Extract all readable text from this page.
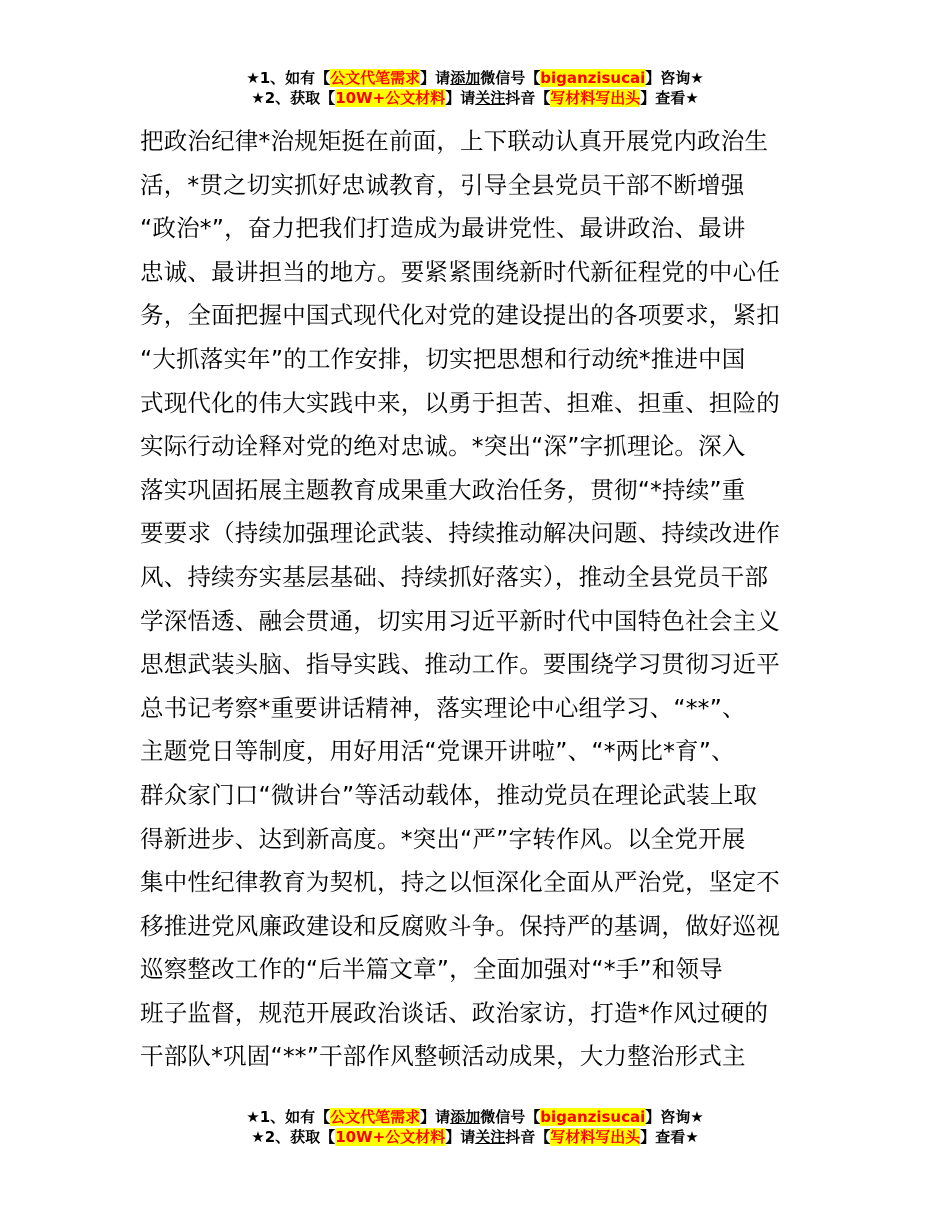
★1、如有【公文代笔需求】请添加微信号【biganzisucai】咨询★
★2、获取【10W+公文材料】请关注抖音【写材料写出头】查看★
把政治纪律*治规矩挺在前面，上下联动认真开展党内政治生
活，*贯之切实抓好忠诚教育，引导全县党员干部不断增强
“政治*”，奋力把我们打造成为最讲党性、最讲政治、最讲
忠诚、最讲担当的地方。要紧紧围绕新时代新征程党的中心任
务，全面把握中国式现代化对党的建设提出的各项要求，紧扣
“大抓落实年”的工作安排，切实把思想和行动统*推进中国
式现代化的伟大实践中来，以勇于担苦、担难、担重、担险的
实际行动诠释对党的绝对忠诚。*突出“深”字抓理论。深入
落实巩固拓展主题教育成果重大政治任务，贯彻“*持续”重
要要求（持续加强理论武装、持续推动解决问题、持续改进作
风、持续夯实基层基础、持续抓好落实），推动全县党员干部
学深悟透、融会贯通，切实用习近平新时代中国特色社会主义
思想武装头脑、指导实践、推动工作。要围绕学习贯彻习近平
总书记考察*重要讲话精神，落实理论中心组学习、“**”、
主题党日等制度，用好用活“党课开讲啦”、“*两比*育”、
群众家门口“微讲台”等活动载体，推动党员在理论武装上取
得新进步、达到新高度。*突出“严”字转作风。以全党开展
集中性纪律教育为契机，持之以恒深化全面从严治党，坚定不
移推进党风廉政建设和反腐败斗争。保持严的基调，做好巡视
巡察整改工作的“后半篇文章”，全面加强对“*手”和领导
班子监督，规范开展政治谈话、政治家访，打造*作风过硬的
干部队*巩固“**”干部作风整顿活动成果，大力整治形式主
★1、如有【公文代笔需求】请添加微信号【biganzisucai】咨询★
★2、获取【10W+公文材料】请关注抖音【写材料写出头】查看★
